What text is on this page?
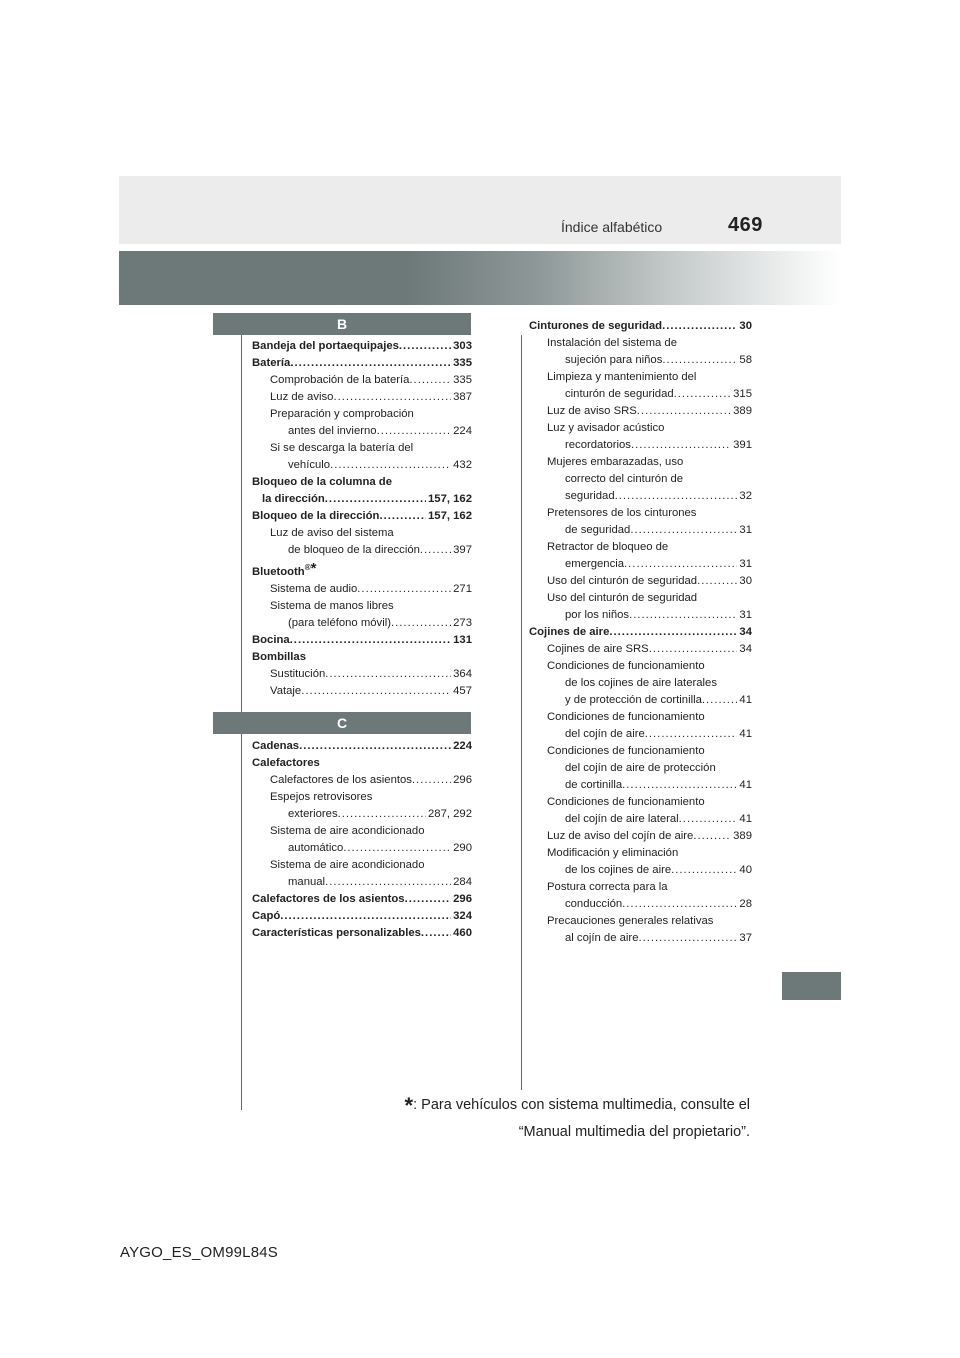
469
Índice alfabético
B
Bandeja del portaequipajes .....	303
Batería .....	335
Comprobación de la batería .....	335
Luz de aviso .....	387
Preparación y comprobación
antes del invierno .....	224
Si se descarga la batería del
vehículo .....	432
Bloqueo de la columna de
la dirección .....	157, 162
Bloqueo de la dirección .....	157, 162
Luz de aviso del sistema
de bloqueo de la dirección .....	397
Bluetooth®*
Sistema de audio .....	271
Sistema de manos libres
(para teléfono móvil) .....	273
Bocina .....	131
Bombillas
Sustitución .....	364
Vataje .....	457
C
Cadenas .....	224
Calefactores
Calefactores de los asientos .....	296
Espejos retrovisores
exteriores .....	287, 292
Sistema de aire acondicionado
automático .....	290
Sistema de aire acondicionado
manual .....	284
Calefactores de los asientos .....	296
Capó .....	324
Características personalizables .....	460
Cinturones de seguridad .....	30
Instalación del sistema de
sujeción para niños .....	58
Limpieza y mantenimiento del
cinturón de seguridad .....	315
Luz de aviso SRS .....	389
Luz y avisador acústico
recordatorios .....	391
Mujeres embarazadas, uso
correcto del cinturón de
seguridad .....	32
Pretensores de los cinturones
de seguridad .....	31
Retractor de bloqueo de
emergencia .....	31
Uso del cinturón de seguridad .....	30
Uso del cinturón de seguridad
por los niños .....	31
Cojines de aire .....	34
Cojines de aire SRS .....	34
Condiciones de funcionamiento
de los cojines de aire laterales
y de protección de cortinilla .....	41
Condiciones de funcionamiento
del cojín de aire .....	41
Condiciones de funcionamiento
del cojín de aire de protección
de cortinilla .....	41
Condiciones de funcionamiento
del cojín de aire lateral .....	41
Luz de aviso del cojín de aire .....	389
Modificación y eliminación
de los cojines de aire .....	40
Postura correcta para la
conducción .....	28
Precauciones generales relativas
al cojín de aire .....	37
*: Para vehículos con sistema multimedia, consulte el
“Manual multimedia del propietario”.
AYGO_ES_OM99L84S
